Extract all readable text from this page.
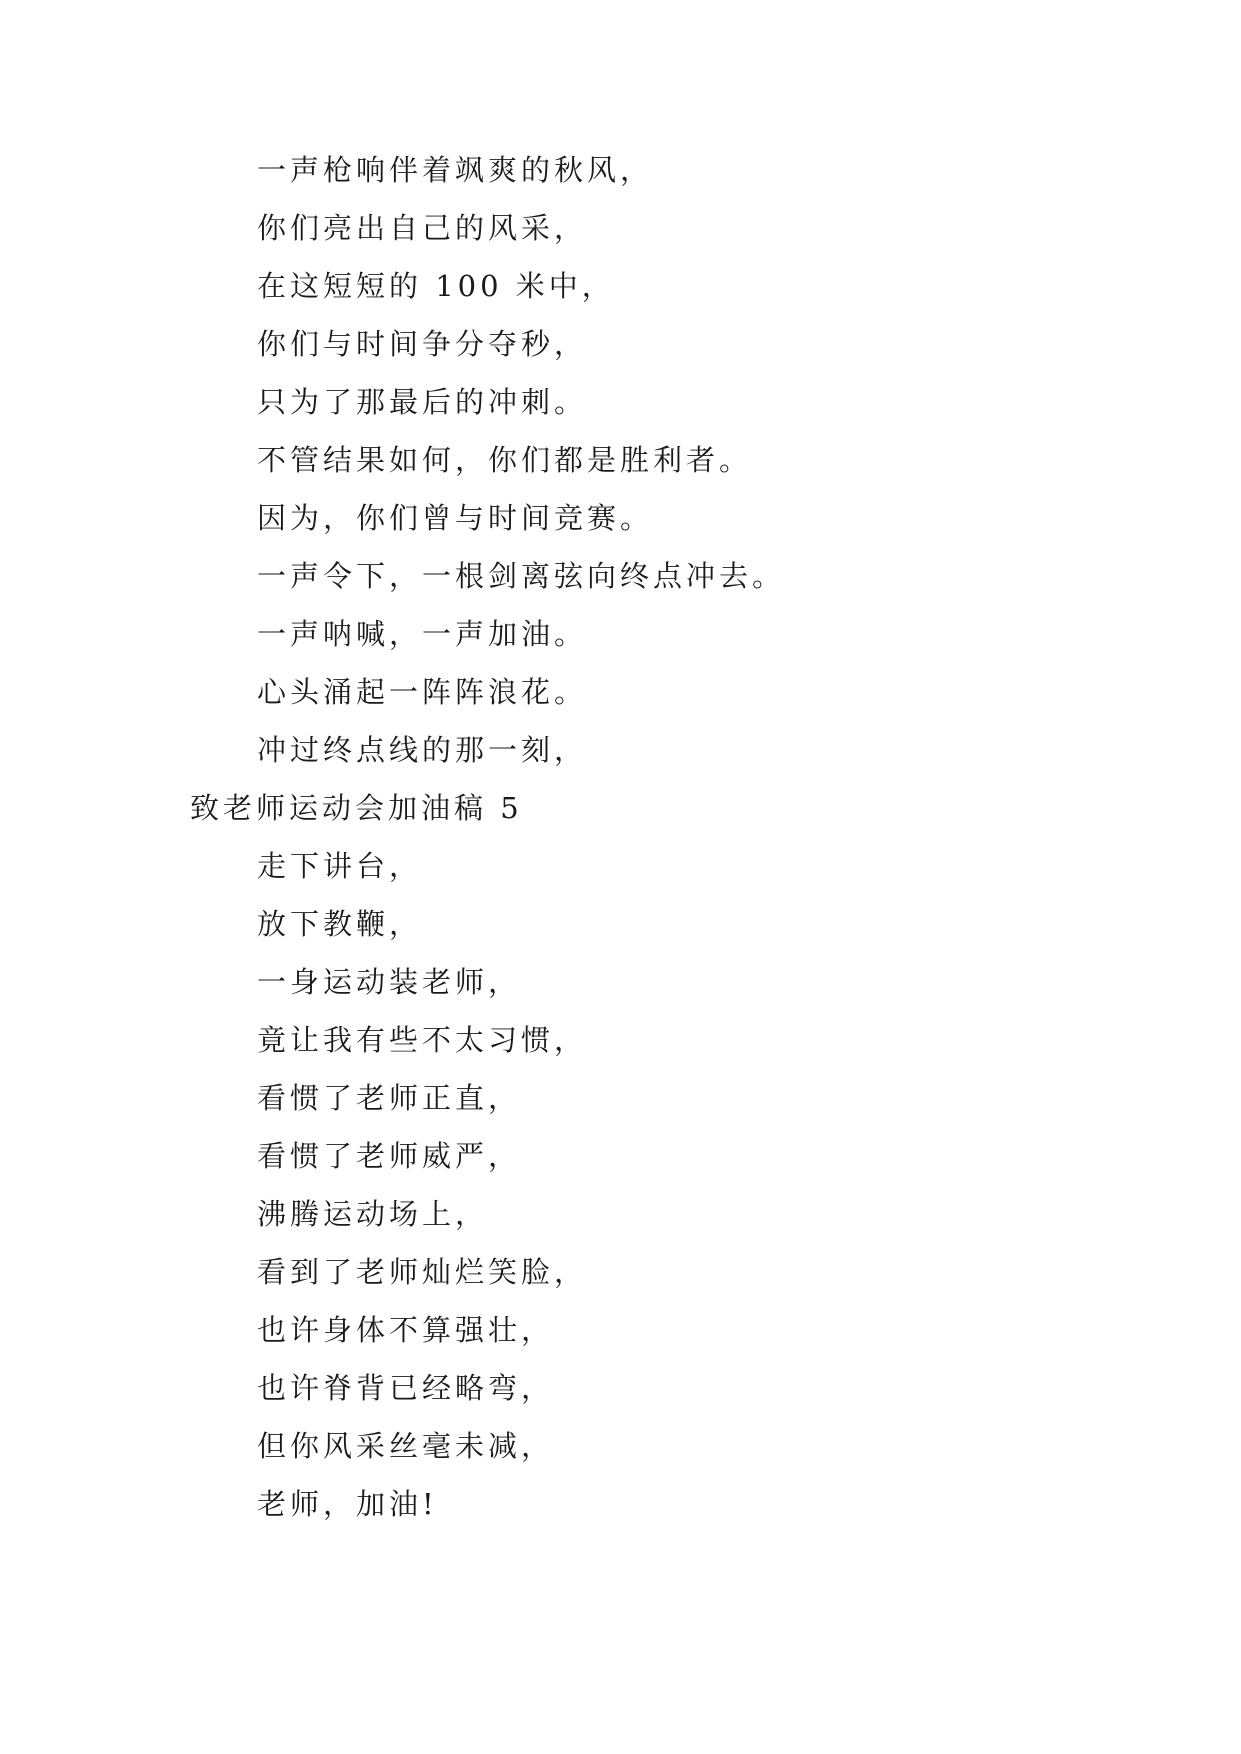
一声枪响伴着飒爽的秋风，
你们亮出自己的风采，
在这短短的 100 米中，
你们与时间争分夺秒，
只为了那最后的冲刺。
不管结果如何，你们都是胜利者。
因为，你们曾与时间竞赛。
一声令下，一根剑离弦向终点冲去。
一声呐喊，一声加油。
心头涌起一阵阵浪花。
冲过终点线的那一刻，
致老师运动会加油稿 5
走下讲台，
放下教鞭，
一身运动装老师，
竟让我有些不太习惯，
看惯了老师正直，
看惯了老师威严，
沸腾运动场上，
看到了老师灿烂笑脸，
也许身体不算强壮，
也许脊背已经略弯，
但你风采丝毫未减，
老师，加油!
